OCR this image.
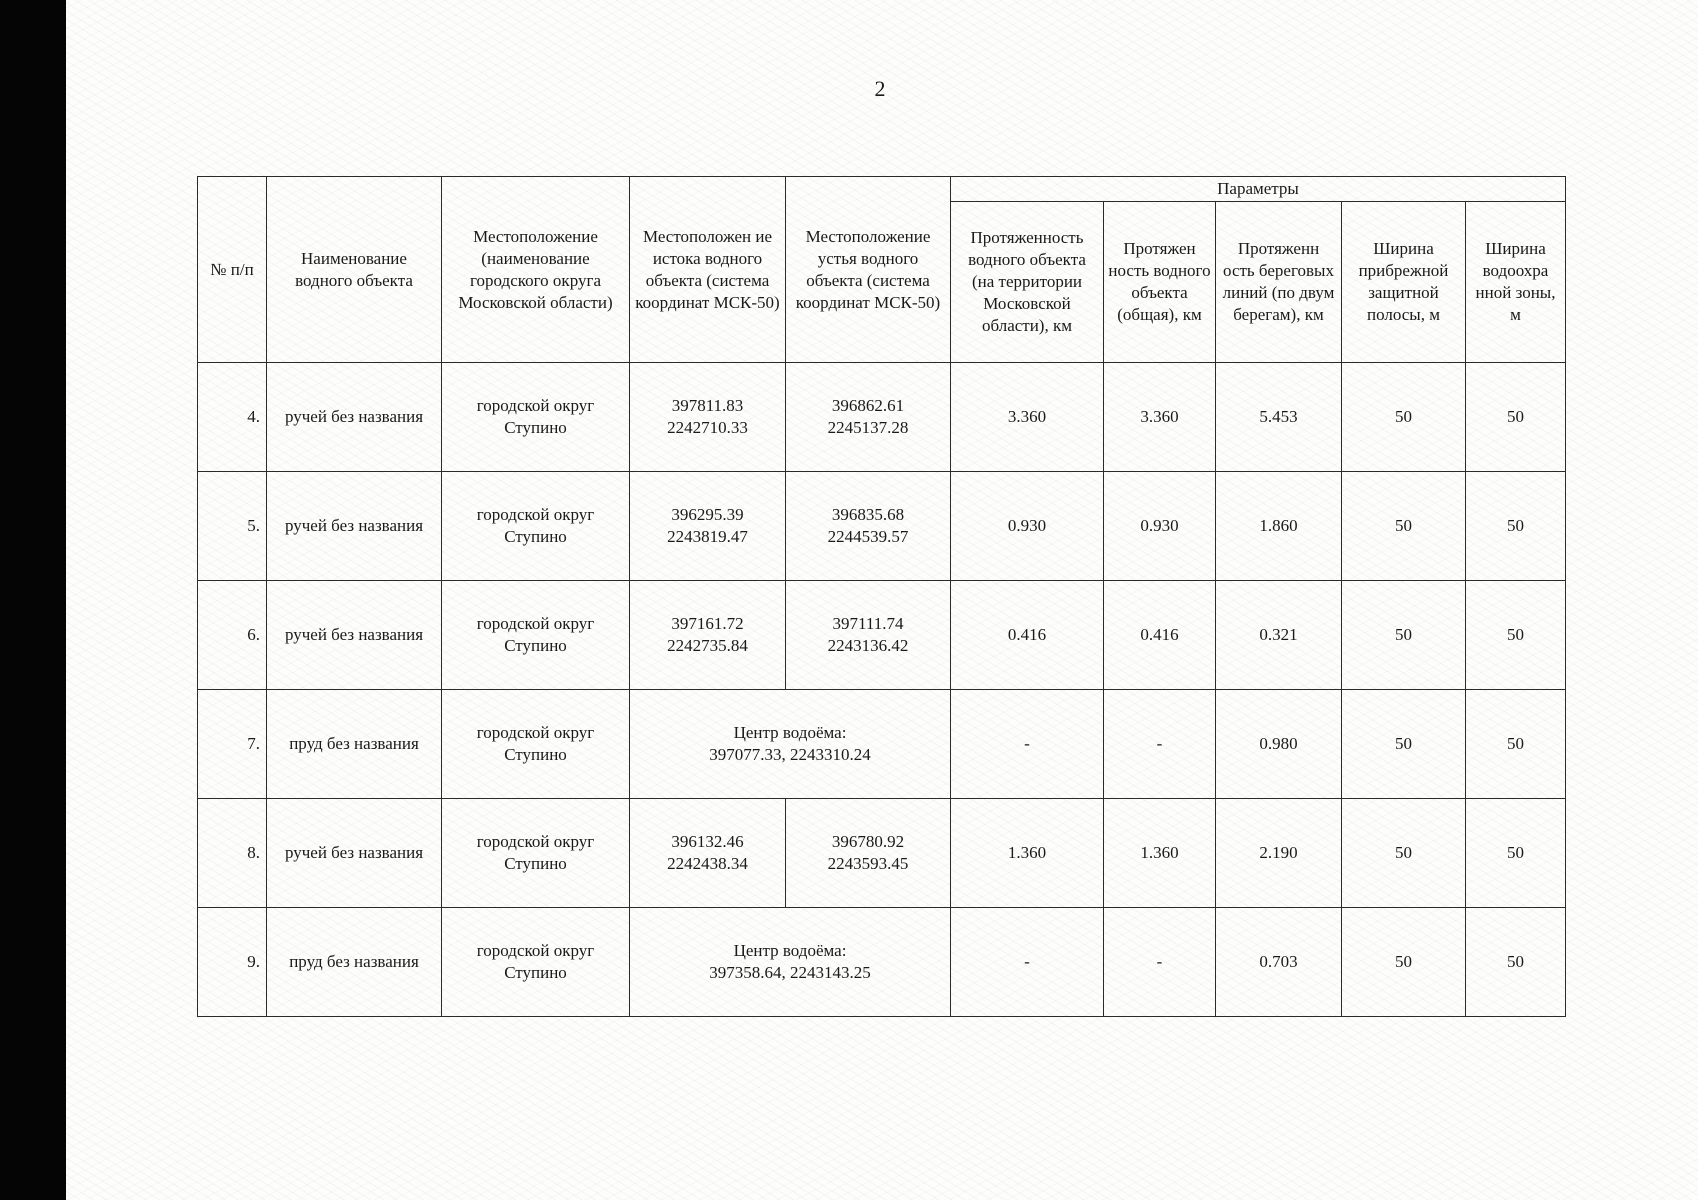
2
№ п/п	Наименование водного объекта	Местоположение (наименование городского округа Московской области)	Местоположен ие истока водного объекта (система координат МСК-50)	Местоположение устья водного объекта (система координат МСК-50)	Параметры				
					Протяженность водного объекта (на территории Московской области), км	Протяжен ность водного объекта (общая), км	Протяженн ость береговых линий (по двум берегам), км	Ширина прибрежной защитной полосы, м	Ширина водоохра нной зоны, м
4.	ручей без названия	городской округ Ступино	397811.83
2242710.33	396862.61
2245137.28	3.360	3.360	5.453	50	50
5.	ручей без названия	городской округ Ступино	396295.39
2243819.47	396835.68
2244539.57	0.930	0.930	1.860	50	50
6.	ручей без названия	городской округ Ступино	397161.72
2242735.84	397111.74
2243136.42	0.416	0.416	0.321	50	50
7.	пруд без названия	городской округ Ступино	Центр водоёма:
397077.33, 2243310.24		-	-	0.980	50	50
8.	ручей без названия	городской округ Ступино	396132.46
2242438.34	396780.92
2243593.45	1.360	1.360	2.190	50	50
9.	пруд без названия	городской округ Ступино	Центр водоёма:
397358.64, 2243143.25		-	-	0.703	50	50
